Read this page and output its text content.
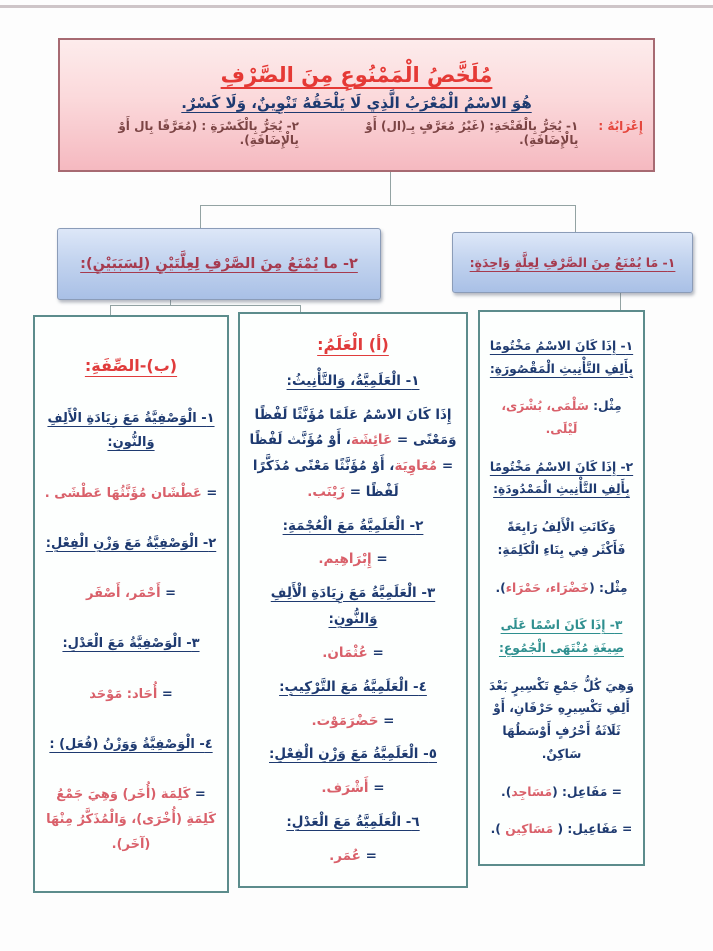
مُلَخَّصُ الْمَمْنُوعِ مِنَ الصَّرْفِ
هُوَ الاسْمُ الْمُعْرَبُ الَّذِي لَا يَلْحَقُهُ تَنْوِينٌ، وَلَا كَسْرٌ.
إِعْرَابُهُ :
١- يُجَرُّ بِالْفَتْحَةِ: (غَيْرُ مُعَرَّفٍ بِـ(ال) أَوْ بِالْإِضَافَةِ).
٢- يُجَرُّ بِالْكَسْرَةِ : (مُعَرَّفًا بِال أَوْ بِالْإِضَافَةِ).
٢- ما يُمْنَعُ مِنَ الصَّرْفِ لِعِلَّتَيْنِ (لِسَبَبَيْنِ):	١- مَا يُمْنَعُ مِنَ الصَّرْفِ لِعِلَّةٍ وَاحِدَةٍ:
(ب)-الصِّفَةِ:
١- الْوَصْفِيَّةُ مَعَ زِيَادَةِ الْأَلِفِ وَالنُّونِ:
= عَطْشَان مُؤَنَّثُهَا عَطْشَى .
٢- الْوَصْفِيَّةُ مَعَ وَزْنِ الْفِعْلِ:
= أَحْمَر، أَصْفَر
٣- الْوَصْفِيَّةُ مَعَ الْعَدْلِ:
= أُحَاد: مَوْحَد
٤- الْوَصْفِيَّةُ وَوَزْنُ (فُعَل) :
= كَلِمَة (أُخَر) وَهِيَ جَمْعُ كَلِمَةِ (أُخْرَى)، وَالْمُذَكَّرُ مِنْهَا (آخَر).
(أ) الْعَلَمُ:
١- الْعَلَمِيَّةُ، وَالتَّأْنِيثُ:
إِذَا كَانَ الاسْمُ عَلَمًا مُؤَنَّثًا لَفْظًا وَمَعْنًى = عَائِشَة، أَوْ مُؤَنَّث لَفْظًا = مُعَاوِيَة، أَوْ مُؤَنَّثًا مَعْنًى مُذَكَّرًا لَفْظًا = زَيْنَب.
٢- الْعَلَمِيَّةُ مَعَ الْعُجْمَةِ:
= إِبْرَاهِيم.
٣- الْعَلَمِيَّةُ مَعَ زِيَادَةِ الْأَلِفِ وَالنُّونِ:
= عُثْمَان.
٤- الْعَلَمِيَّةُ مَعَ التَّرْكِيبِ:
= حَضْرَمَوْت.
٥- الْعَلَمِيَّةُ مَعَ وَزْنِ الْفِعْلِ:
= أَشْرَف.
٦- الْعَلَمِيَّةُ مَعَ الْعَدْلِ:
= عُمَر.
١- إِذَا كَانَ الاسْمُ مَخْتُومًا بِأَلِفِ التَّأْنِيثِ الْمَقْصُورَةِ:
مِثْل: سَلْمَى، بُشْرَى، لَيْلَى.
٢- إِذَا كَانَ الاسْمُ مَخْتُومًا بِأَلِفِ التَّأْنِيثِ الْمَمْدُودَةِ:
وَكَانَتِ الْأَلِفُ رَابِعَةً فَأَكْثَر فِي بِنَاءِ الْكَلِمَةِ:
مِثْل: (خَضْرَاء، حَمْرَاء).
٣- إِذَا كَانَ اسْمًا عَلَى صِيغَةِ مُنْتَهَى الْجُمُوعِ:
وَهِيَ كُلُّ جَمْعِ تَكْسِيرٍ بَعْدَ أَلِفِ تَكْسِيرِهِ حَرْفَانِ، أَوْ ثَلَاثَةُ أَحْرُفٍ أَوْسَطُهَا سَاكِنٌ.
= مَفَاعِل: (مَسَاجِد).
= مَفَاعِيل: ( مَسَاكِين ).
